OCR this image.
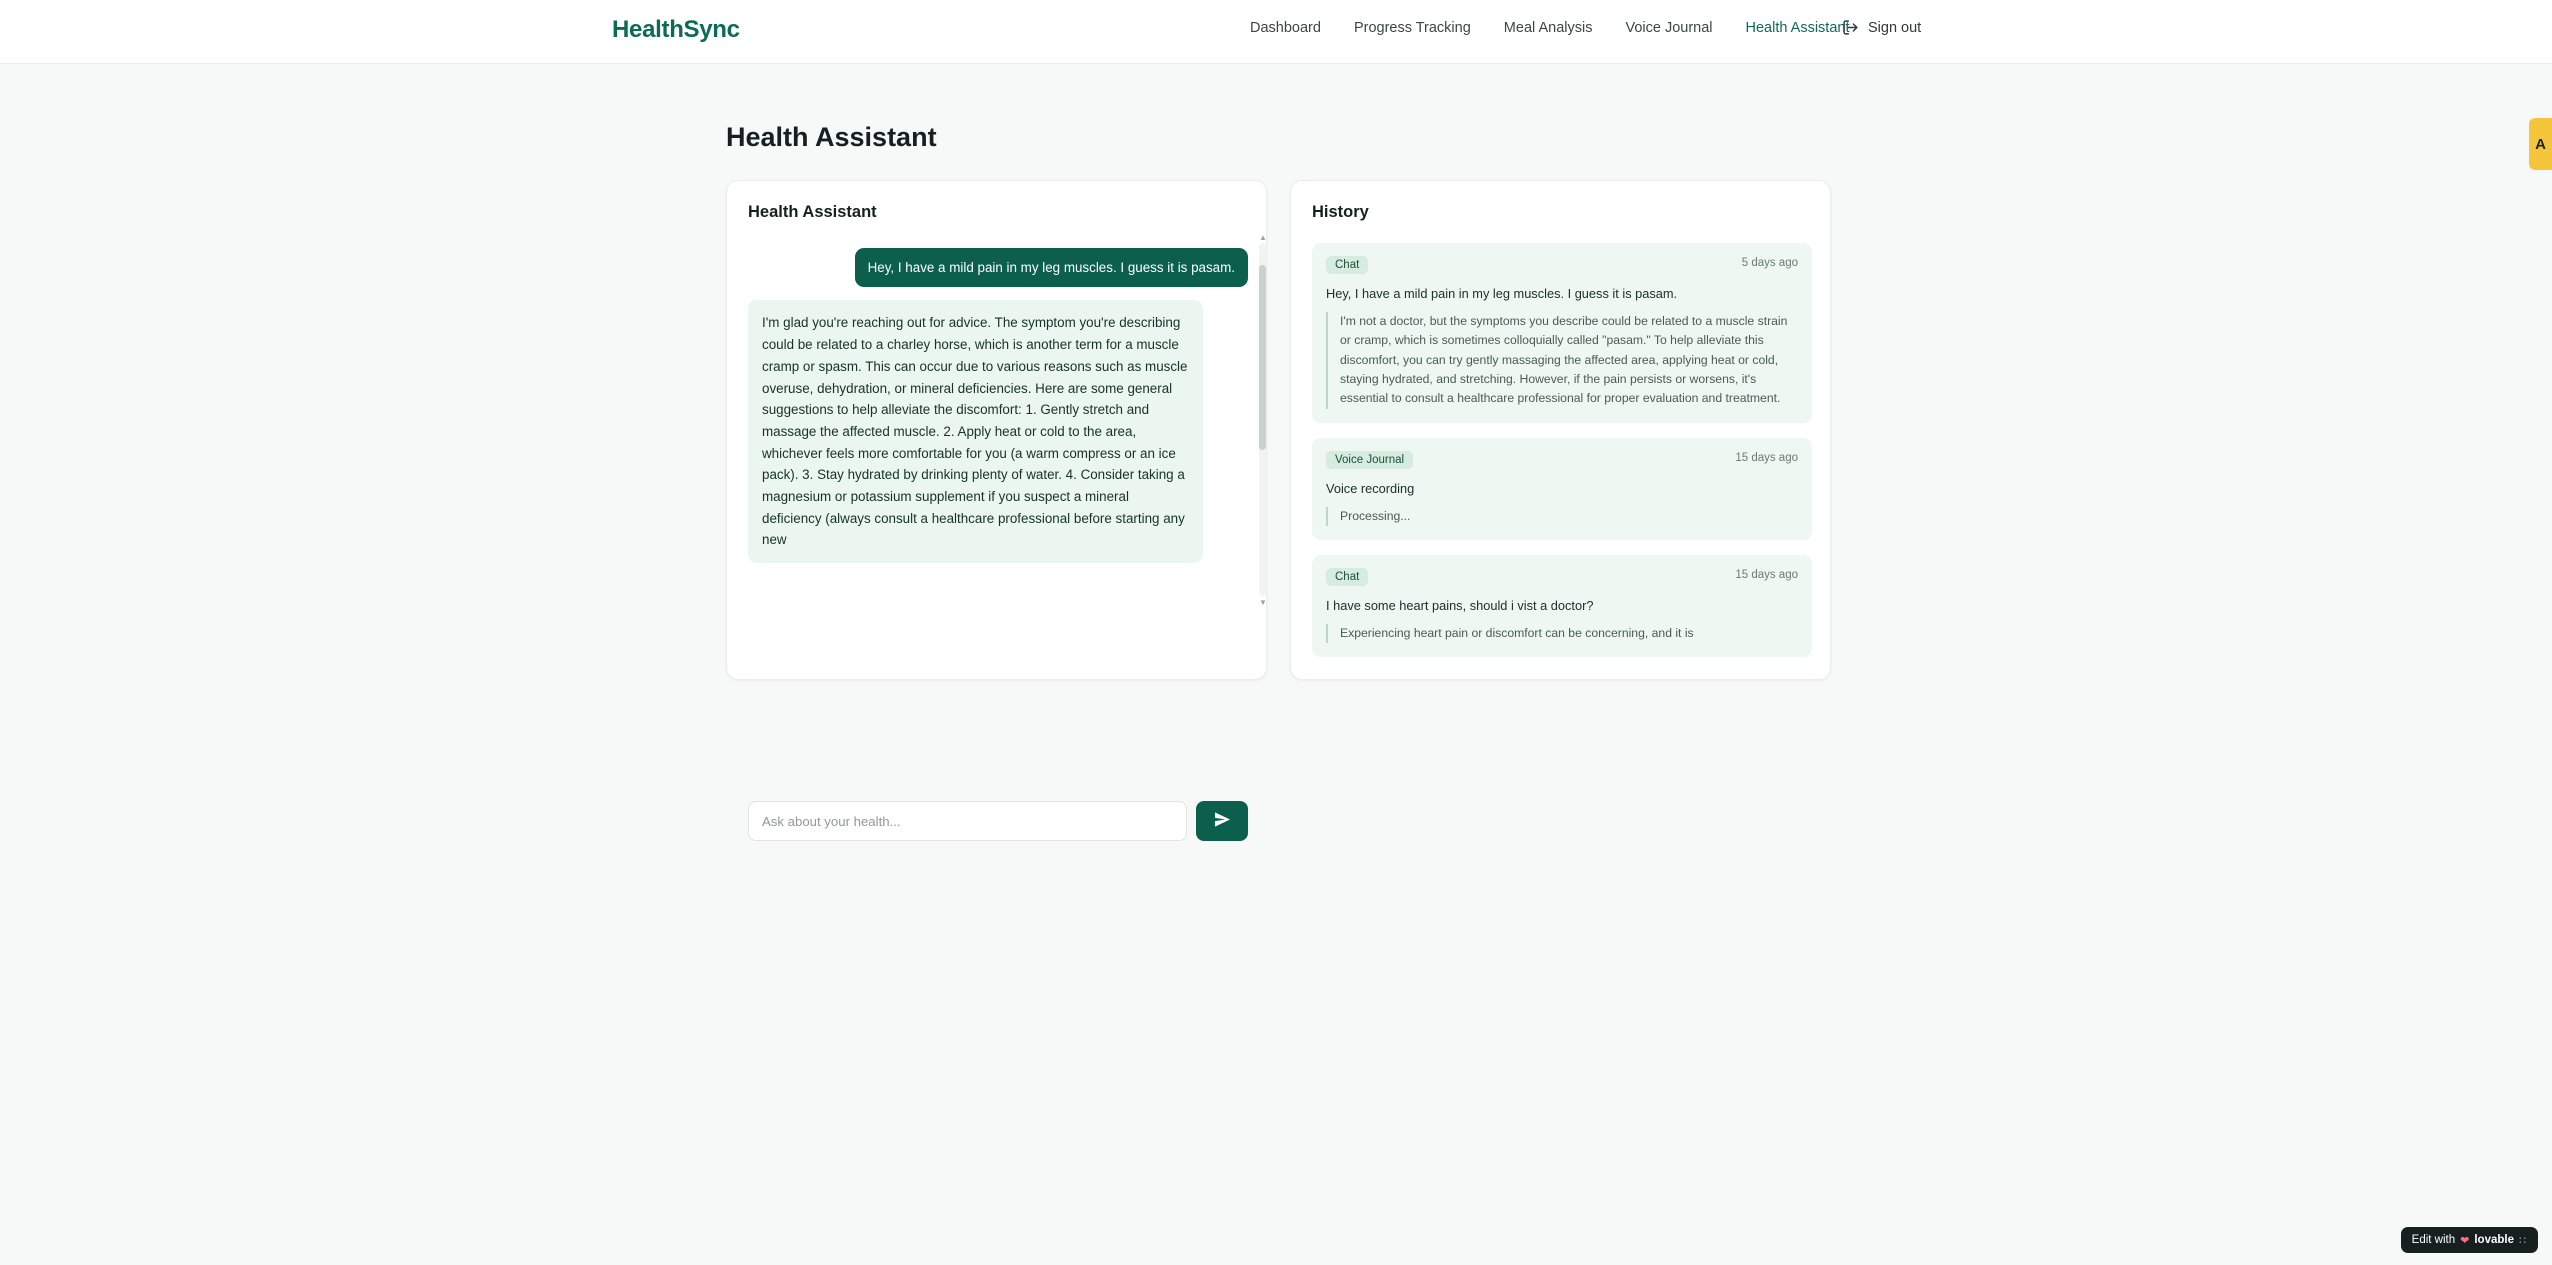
HealthSync	Dashboard Progress Tracking Meal Analysis Voice Journal Health Assistant Sign out
Health Assistant
Health Assistant
Hey, I have a mild pain in my leg muscles. I guess it is pasam.
I'm glad you're reaching out for advice. The symptom you're describing could be related to a charley horse, which is another term for a muscle cramp or spasm. This can occur due to various reasons such as muscle overuse, dehydration, or mineral deficiencies. Here are some general suggestions to help alleviate the discomfort: 1. Gently stretch and massage the affected muscle. 2. Apply heat or cold to the area, whichever feels more comfortable for you (a warm compress or an ice pack). 3. Stay hydrated by drinking plenty of water. 4. Consider taking a magnesium or potassium supplement if you suspect a mineral deficiency (always consult a healthcare professional before starting any new
▲
▼
Ask about your health...
History
Chat	5 days ago
Hey, I have a mild pain in my leg muscles. I guess it is pasam.
I'm not a doctor, but the symptoms you describe could be related to a muscle strain or cramp, which is sometimes colloquially called "pasam." To help alleviate this discomfort, you can try gently massaging the affected area, applying heat or cold, staying hydrated, and stretching. However, if the pain persists or worsens, it's essential to consult a healthcare professional for proper evaluation and treatment.
Voice Journal	15 days ago
Voice recording
Processing...
Chat	15 days ago
I have some heart pains, should i vist a doctor?
Experiencing heart pain or discomfort can be concerning, and it is
A
Edit with ❤ lovable ∷
